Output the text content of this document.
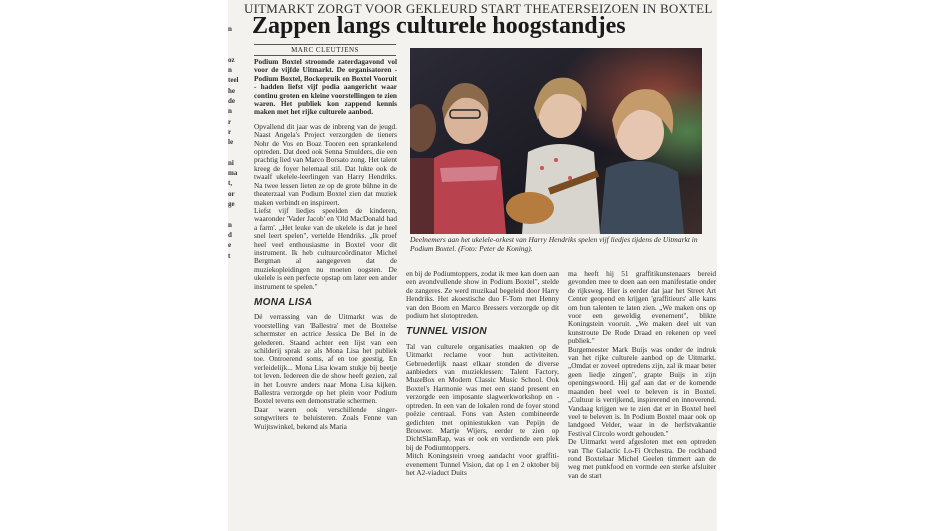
UITMARKT ZORGT VOOR GEKLEURD START THEATERSEIZOEN IN BOXTEL
Zappen langs culturele hoogstandjes
MARC CLEUTJENS
Podium Boxtel stroomde zaterdagavond vol voor de vijfde Uitmarkt. De organisatoren - Podium Boxtel, Bockepruik en Boxtel Vooruit - hadden liefst vijf podia aangericht waar continu groten en kleine voorstellingen te zien waren. Het publiek kon zappend kennis maken met het rijke culturele aanbod.
Opvallend dit jaar was de inbreng van de jeugd. Naast Angela's Project verzorgden de tieners Nohr de Vos en Boaz Tooren een sprankelend optreden. Dat deed ook Senna Smulders, die een prachtig lied van Marco Borsato zong. Het talent kreeg de foyer helemaal stil. Dat lukte ook de twaalf ukelele-leerlingen van Harry Hendriks. Na twee lessen lieten ze op de grote bühne in de theaterzaal van Podium Boxtel zien dat muziek maken verbindt en inspireert.
Liefst vijf liedjes speelden de kinderen, waaronder 'Vader Jacob' en 'Old MacDonald had a farm'. „Het leuke van de ukelele is dat je heel snel leert spelen", vertelde Hendriks. „Ik proef heel veel enthousiasme in Boxtel voor dit instrument. Ik heb cultuurcoördinator Michel Bergman al aangegeven dat de muziekopleidingen nu moeten oogsten. De ukelele is een perfecte opstap om later een ander instrument te spelen."
MONA LISA
Dé verrassing van de Uitmarkt was de voorstelling van 'Ballestra' met de Boxtelse schermster en actrice Jessica De Bel in de gelederen. Staand achter een lijst van een schilderij sprak ze als Mona Lisa het publiek toe. Ontroerend soms, af en toe geestig. En verleidelijk... Mona Lisa kwam stukje bij beetje tot leven. Iedereen die de show heeft gezien, zal in het Louvre anders naar Mona Lisa kijken. Ballestra verzorgde op het plein voor Podium Boxtel tevens een demonstratie schermen.
Daar waren ook verschillende singer-songwriters te beluisteren. Zoals Fenne van Wuijtswinkel, bekend als Maria
Deelnemers aan het ukelele-orkest van Harry Hendriks spelen vijf liedjes tijdens de Uitmarkt in Podium Boxtel. (Foto: Peter de Koning).
en bij de Podiumtoppers, zodat ik mee kan doen aan een avondvullende show in Podium Boxtel", stelde de zangeres. Ze werd muzikaal begeleid door Harry Hendriks. Het akoestische duo F-Tom met Henny van den Boom en Marco Bressers verzorgde op dit podium het slotoptreden.
TUNNEL VISION
Tal van culturele organisaties maakten op de Uitmarkt reclame voor hun activiteiten. Gebroederlijk naast elkaar stonden de diverse aanbieders van muzieklessen: Talent Factory, MuzeBox en Modern Classic Music School. Ook Boxtel's Harmonie was met een stand present en verzorgde een imposante slagwerkworkshop en -optreden. In een van de lokalen rond de foyer stond poëzie centraal. Fons van Asten combineerde gedichten met opiniestukken van Pepijn de Brouwer. Martje Wijers, eerder te zien op DichtSlamRap, was er ook en verdiende een plek bij de Podiumtoppers.
Mitch Koningstein vroeg aandacht voor graffiti-evenement Tunnel Vision, dat op 1 en 2 oktober bij het A2-viaduct Duits
ma heeft hij 51 graffitikunstenaars bereid gevonden mee te doen aan een manifestatie onder de rijksweg. Hier is eerder dat jaar het Street Art Center geopend en krijgen 'graffitieurs' alle kans om hun talenten te laten zien. „We maken ons op voor een geweldig evenement", blikte Koningstein vooruit. „We maken deel uit van kunstroute De Rode Draad en rekenen op veel publiek."
Burgemeester Mark Buijs was onder de indruk van het rijke culturele aanbod op de Uitmarkt. „Omdat er zoveel optredens zijn, zal ik maar beter geen liedje zingen", grapte Buijs in zijn openingswoord. Hij gaf aan dat er de komende maanden heel veel te beleven is in Boxtel. „Cultuur is verrijkend, inspirerend en innoverend. Vandaag krijgen we te zien dat er in Boxtel heel veel te beleven is. In Podium Boxtel maar ook op landgoed Velder, waar in de herfstvakantie Festival Circolo wordt gehouden."
De Uitmarkt werd afgesloten met een optreden van The Galactic Lo-Fi Orchestra. De rockband rond Boxtelaar Michel Geelen timmert aan de weg met punkfood en vormde een sterke afsluiter van de start
n

oz
n
teel
he
de
n
r
r
le

ni
ma
t,
or
ge

n
d
e
t
